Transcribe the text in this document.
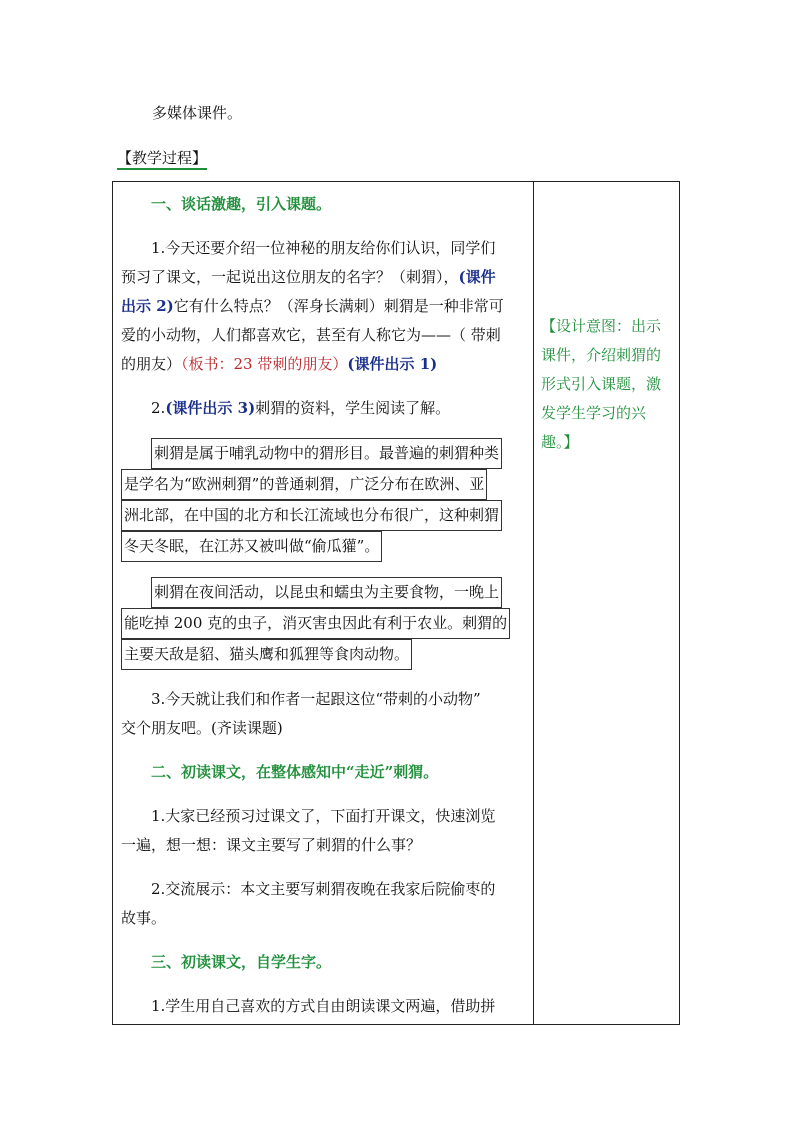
多媒体课件。
【教学过程】
一、谈话激趣，引入课题。
1.今天还要介绍一位神秘的朋友给你们认识，同学们
预习了课文，一起说出这位朋友的名字？（刺猬），(课件
出示 2)它有什么特点？（浑身长满刺）刺猬是一种非常可
爱的小动物，人们都喜欢它，甚至有人称它为——（ 带刺
的朋友）（板书：23 带刺的朋友）(课件出示 1)
2.(课件出示 3)刺猬的资料，学生阅读了解。
刺猬是属于哺乳动物中的猬形目。最普遍的刺猬种类
是学名为“欧洲刺猬”的普通刺猬，广泛分布在欧洲、亚
洲北部，在中国的北方和长江流域也分布很广，这种刺猬
冬天冬眠，在江苏又被叫做“偷瓜獾”。
刺猬在夜间活动，以昆虫和蠕虫为主要食物，一晚上
能吃掉 200 克的虫子，消灭害虫因此有利于农业。刺猬的
主要天敌是貂、猫头鹰和狐狸等食肉动物。
3.今天就让我们和作者一起跟这位“带刺的小动物”
交个朋友吧。(齐读课题)
二、初读课文，在整体感知中“走近”刺猬。
1.大家已经预习过课文了，下面打开课文，快速浏览
一遍，想一想：课文主要写了刺猬的什么事？
2.交流展示：本文主要写刺猬夜晚在我家后院偷枣的
故事。
三、初读课文，自学生字。
1.学生用自己喜欢的方式自由朗读课文两遍，借助拼
【设计意图：出示
课件，介绍刺猬的
形式引入课题，激
发学生学习的兴
趣。】
